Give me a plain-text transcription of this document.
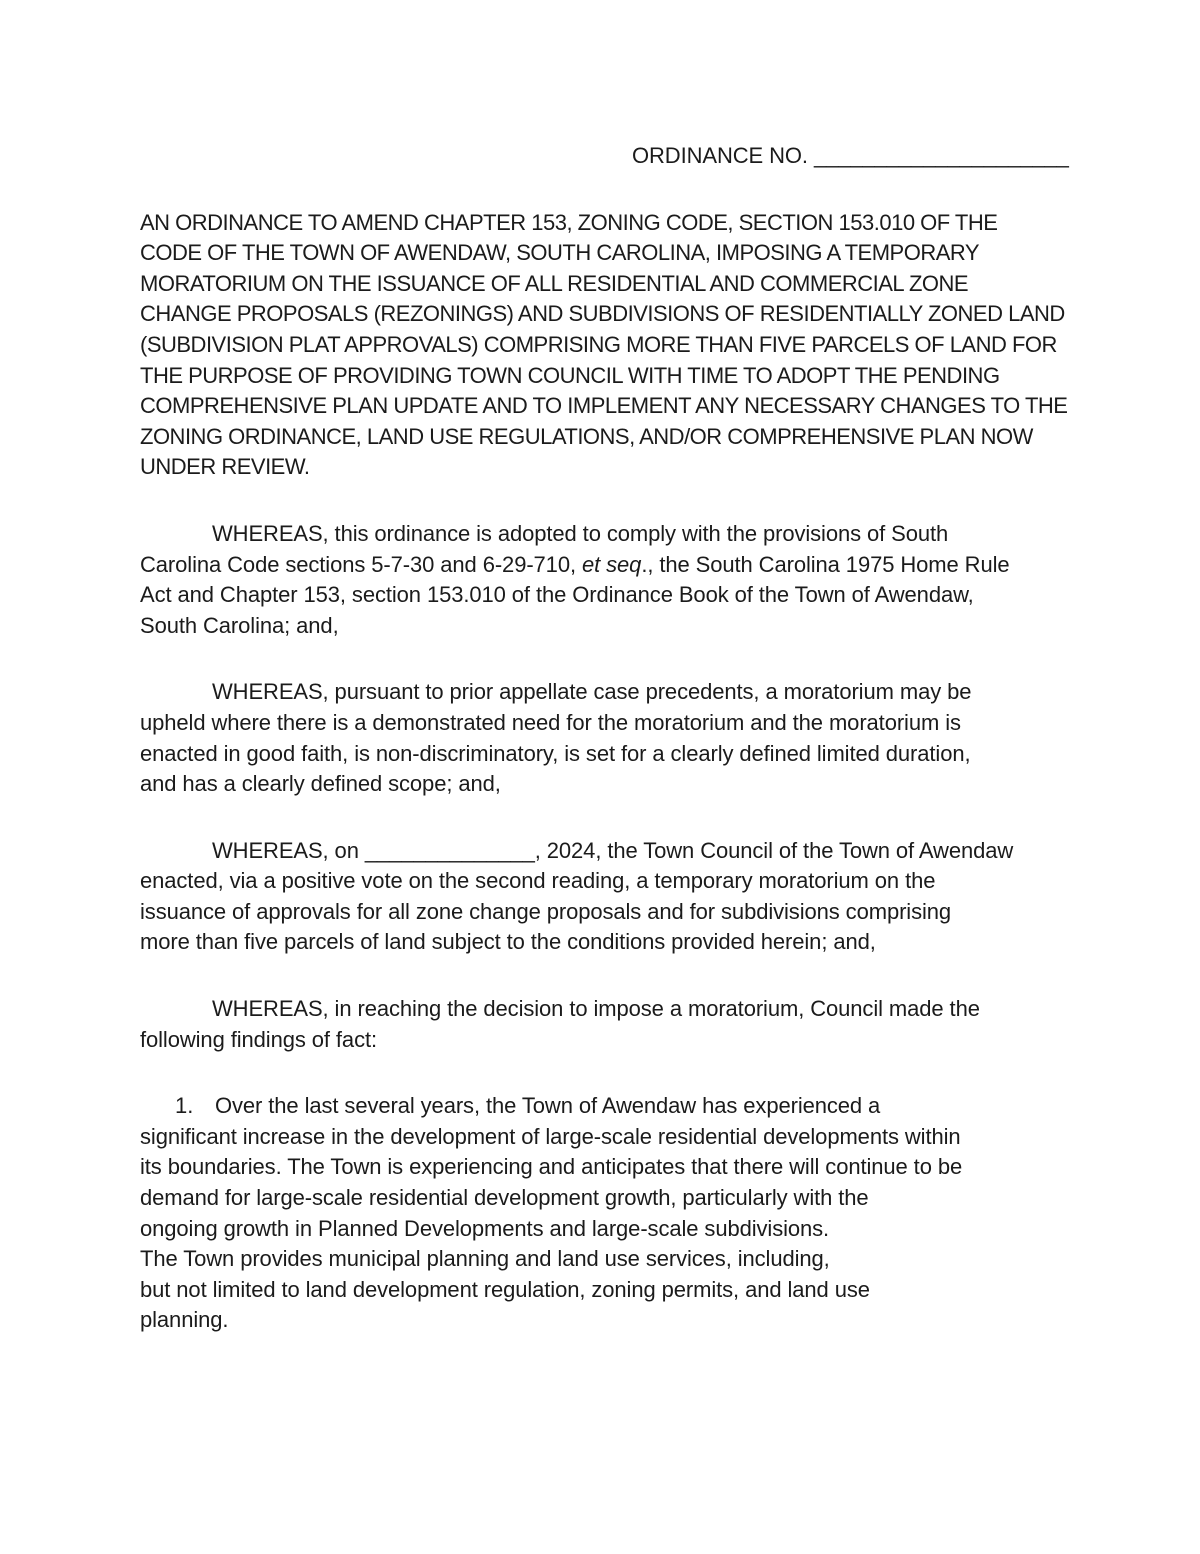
ORDINANCE NO. _____________________
AN ORDINANCE TO AMEND CHAPTER 153, ZONING CODE, SECTION 153.010 OF THE
CODE OF THE TOWN OF AWENDAW, SOUTH CAROLINA, IMPOSING A TEMPORARY
MORATORIUM ON THE ISSUANCE OF ALL RESIDENTIAL AND COMMERCIAL ZONE
CHANGE PROPOSALS (REZONINGS) AND SUBDIVISIONS OF RESIDENTIALLY ZONED LAND
(SUBDIVISION PLAT APPROVALS) COMPRISING MORE THAN FIVE PARCELS OF LAND FOR
THE PURPOSE OF PROVIDING TOWN COUNCIL WITH TIME TO ADOPT THE PENDING
COMPREHENSIVE PLAN UPDATE AND TO IMPLEMENT ANY NECESSARY CHANGES TO THE
ZONING ORDINANCE, LAND USE REGULATIONS, AND/OR COMPREHENSIVE PLAN NOW
UNDER REVIEW.
WHEREAS, this ordinance is adopted to comply with the provisions of South
Carolina Code sections 5-7-30 and 6-29-710, et seq., the South Carolina 1975 Home Rule
Act and Chapter 153, section 153.010 of the Ordinance Book of the Town of Awendaw,
South Carolina; and,
WHEREAS, pursuant to prior appellate case precedents, a moratorium may be
upheld where there is a demonstrated need for the moratorium and the moratorium is
enacted in good faith, is non-discriminatory, is set for a clearly defined limited duration,
and has a clearly defined scope; and,
WHEREAS, on ______________, 2024, the Town Council of the Town of Awendaw
enacted, via a positive vote on the second reading, a temporary moratorium on the
issuance of approvals for all zone change proposals and for subdivisions comprising
more than five parcels of land subject to the conditions provided herein; and,
WHEREAS, in reaching the decision to impose a moratorium, Council made the
following findings of fact:
1. Over the last several years, the Town of Awendaw has experienced a
significant increase in the development of large-scale residential developments within
its boundaries. The Town is experiencing and anticipates that there will continue to be
demand for large-scale residential development growth, particularly with the
ongoing growth in Planned Developments and large-scale subdivisions.
The Town provides municipal planning and land use services, including,
but not limited to land development regulation, zoning permits, and land use
planning.
